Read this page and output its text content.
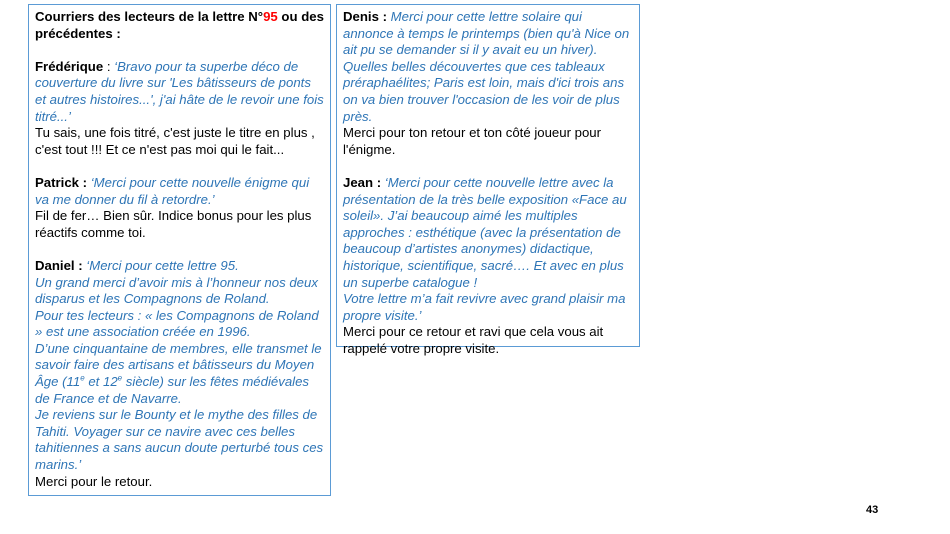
Courriers des lecteurs de la lettre N°95 ou des précédentes :

Frédérique : ‘Bravo pour ta superbe déco de couverture du livre sur 'Les bâtisseurs de ponts et autres histoires...', j'ai hâte de le revoir une fois titré...’
Tu sais, une fois titré, c'est juste le titre en plus , c'est tout !!! Et ce n'est pas moi qui le fait...

Patrick : ‘Merci pour cette nouvelle énigme qui va me donner du fil à retordre.’
Fil de fer… Bien sûr. Indice bonus pour les plus réactifs comme toi.

Daniel : ‘Merci pour cette lettre 95.
Un grand merci d’avoir mis à l’honneur nos deux disparus et les Compagnons de Roland.
Pour tes lecteurs : « les Compagnons de Roland » est une association créée en 1996.
D’une cinquantaine de membres, elle transmet le savoir faire des artisans et bâtisseurs du Moyen Âge (11e et 12e siècle) sur les fêtes médiévales de France et de Navarre.
Je reviens sur le Bounty et le mythe des filles de Tahiti. Voyager sur ce navire avec ces belles tahitiennes a sans aucun doute perturbé tous ces marins.’
Merci pour le retour.

Denis : Merci pour cette lettre solaire qui annonce à temps le printemps (bien qu'à Nice on ait pu se demander si il y avait eu un hiver).
Quelles belles découvertes que ces tableaux préraphaélites; Paris est loin, mais d'ici trois ans on va bien trouver l'occasion de les voir de plus près.
Merci pour ton retour et ton côté joueur pour l'énigme.

Jean : ‘Merci pour cette nouvelle lettre avec la présentation de la très belle exposition «Face au soleil». J’ai beaucoup aimé les multiples approches : esthétique (avec la présentation de beaucoup d’artistes anonymes) didactique, historique, scientifique, sacré…. Et avec en plus un superbe catalogue !
Votre lettre m’a fait revivre avec grand plaisir ma propre visite.’
Merci pour ce retour et ravi que cela vous ait rappelé votre propre visite.

43
